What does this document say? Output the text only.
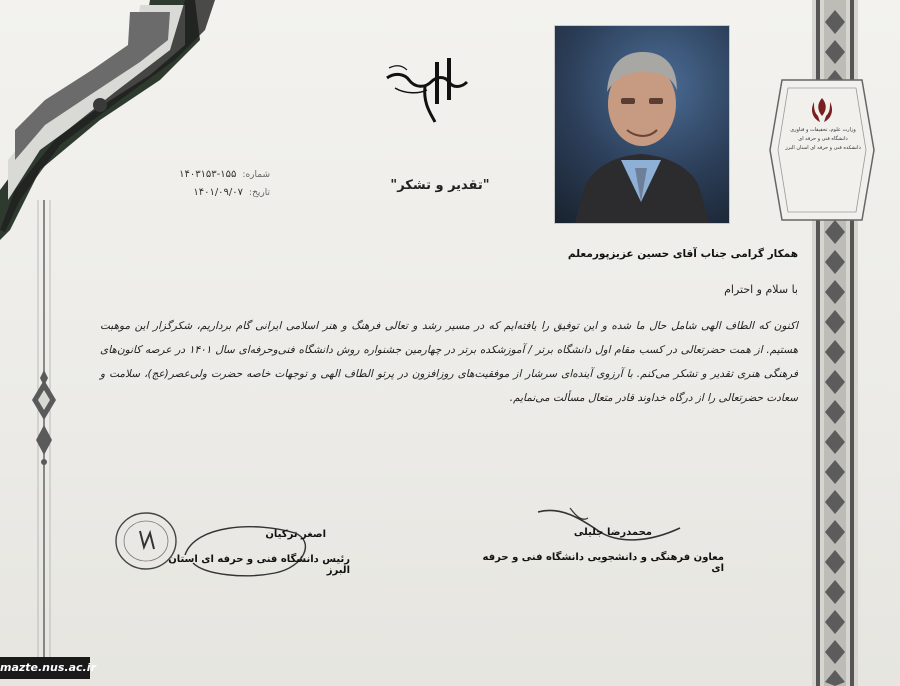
وزارت علوم، تحقیقات و فناوری
دانشگاه فنی و حرفه ای
دانشکده فنی و حرفه ای استان البرز
شماره:
۱۴۰۳۱۵۳-۱۵۵
تاریخ:
۱۴۰۱/۰۹/۰۷	"تقدیر و تشکر"
همکار گرامی جناب آقای حسین عزیزپورمعلم
با سلام و احترام
اکنون که الطاف الهی شامل حال ما شده و این توفیق را یافته‌ایم که در مسیر رشد و تعالی فرهنگ و هنر اسلامی ایرانی گام برداریم، شکرگزار این موهبت هستیم. از همت حضرتعالی در کسب مقام اول دانشگاه برتر / آموزشکده برتر در چهارمین جشنواره روش دانشگاه فنی‌وحرفه‌ای سال ۱۴۰۱ در عرصه کانون‌های فرهنگی هنری تقدیر و تشکر می‌کنم. با آرزوی آینده‌ای سرشار از موفقیت‌های روزافزون در پرتو الطاف الهی و توجهات خاصه حضرت ولی‌عصر(عج)، سلامت و سعادت حضرتعالی را از درگاه خداوند قادر متعال مسألت می‌نمایم.
محمدرضا جلیلی
معاون فرهنگی و دانشجویی دانشگاه فنی و حرفه ای
اصغر ترکیان
رئیس دانشگاه فنی و حرفه ای استان البرز
mazte.nus.ac.ir
